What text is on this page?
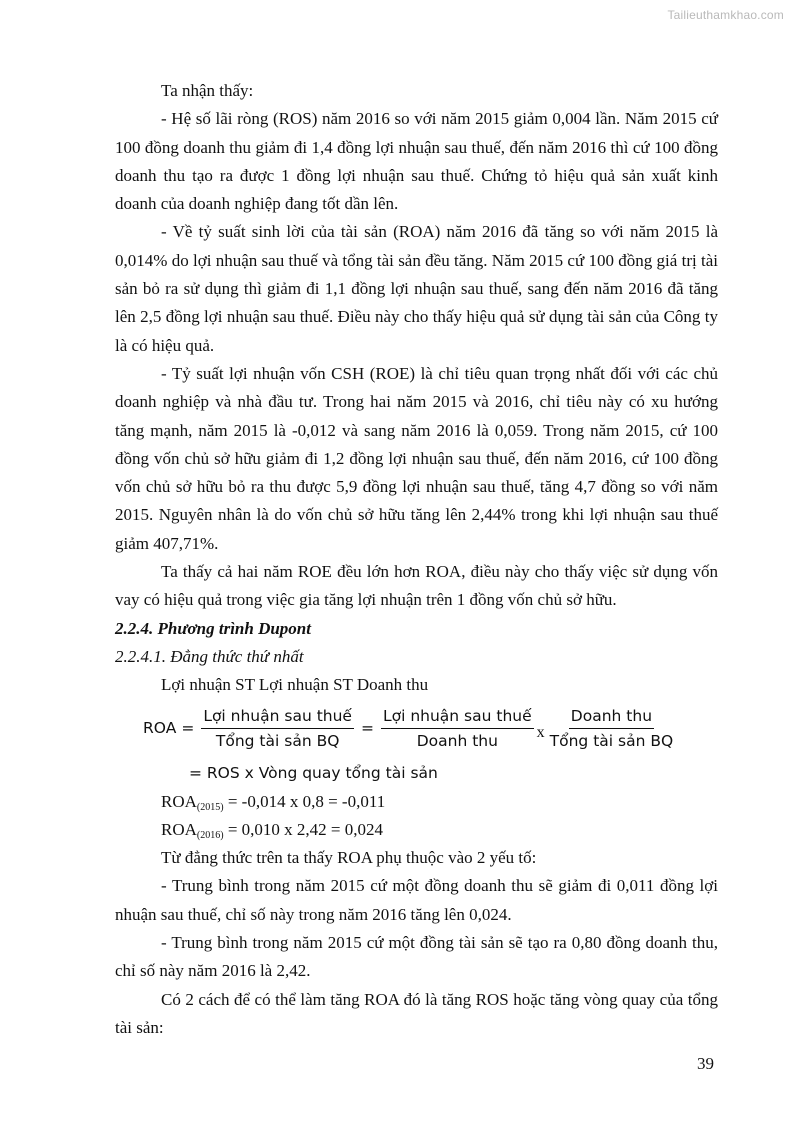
Tailieuthamkhao.com

Ta nhận thấy:

- Hệ số lãi ròng (ROS) năm 2016 so với năm 2015 giảm 0,004 lần. Năm 2015 cứ 100 đồng doanh thu giảm đi 1,4 đồng lợi nhuận sau thuế, đến năm 2016 thì cứ 100 đồng doanh thu tạo ra được 1 đồng lợi nhuận sau thuế. Chứng tỏ hiệu quả sản xuất kinh doanh của doanh nghiệp đang tốt dần lên.

- Về tỷ suất sinh lời của tài sản (ROA) năm 2016 đã tăng so với năm 2015 là 0,014% do lợi nhuận sau thuế và tổng tài sản đều tăng. Năm 2015 cứ 100 đồng giá trị tài sản bỏ ra sử dụng thì giảm đi 1,1 đồng lợi nhuận sau thuế, sang đến năm 2016 đã tăng lên 2,5 đồng lợi nhuận sau thuế. Điều này cho thấy hiệu quả sử dụng tài sản của Công ty là có hiệu quả.

- Tỷ suất lợi nhuận vốn CSH (ROE) là chỉ tiêu quan trọng nhất đối với các chủ doanh nghiệp và nhà đầu tư. Trong hai năm 2015 và 2016, chỉ tiêu này có xu hướng tăng mạnh, năm 2015 là -0,012 và sang năm 2016 là 0,059. Trong năm 2015, cứ 100 đồng vốn chủ sở hữu giảm đi 1,2 đồng lợi nhuận sau thuế, đến năm 2016, cứ 100 đồng vốn chủ sở hữu bỏ ra thu được 5,9 đồng lợi nhuận sau thuế, tăng 4,7 đồng so với năm 2015. Nguyên nhân là do vốn chủ sở hữu tăng lên 2,44% trong khi lợi nhuận sau thuế giảm 407,71%.

Ta thấy cả hai năm ROE đều lớn hơn ROA, điều này cho thấy việc sử dụng vốn vay có hiệu quả trong việc gia tăng lợi nhuận trên 1 đồng vốn chủ sở hữu.

2.2.4. Phương trình Dupont

2.2.4.1. Đẳng thức thứ nhất

Lợi nhuận ST Lợi nhuận ST Doanh thu

ROA = $\frac{\text{Lợi nhuận sau thuế}}{\text{Tổng tài sản BQ}} = \frac{\text{Lợi nhuận sau thuế}}{\text{Doanh thu}}$ x $\frac{\text{Doanh thu}}{\text{Tổng tài sản BQ}}$
= ROS x Vòng quay tổng tài sản

$ROA_{(2015)} = -0,014$ x 0,8 = -0,011

$ROA_{(2016)} = 0,010$ x 2,42 = 0,024

Từ đẳng thức trên ta thấy ROA phụ thuộc vào 2 yếu tố:

- Trung bình trong năm 2015 cứ một đồng doanh thu sẽ giảm đi 0,011 đồng lợi nhuận sau thuế, chỉ số này trong năm 2016 tăng lên 0,024.

- Trung bình trong năm 2015 cứ một đồng tài sản sẽ tạo ra 0,80 đồng doanh thu, chỉ số này năm 2016 là 2,42.

Có 2 cách để có thể làm tăng ROA đó là tăng ROS hoặc tăng vòng quay của tổng tài sản:

39
